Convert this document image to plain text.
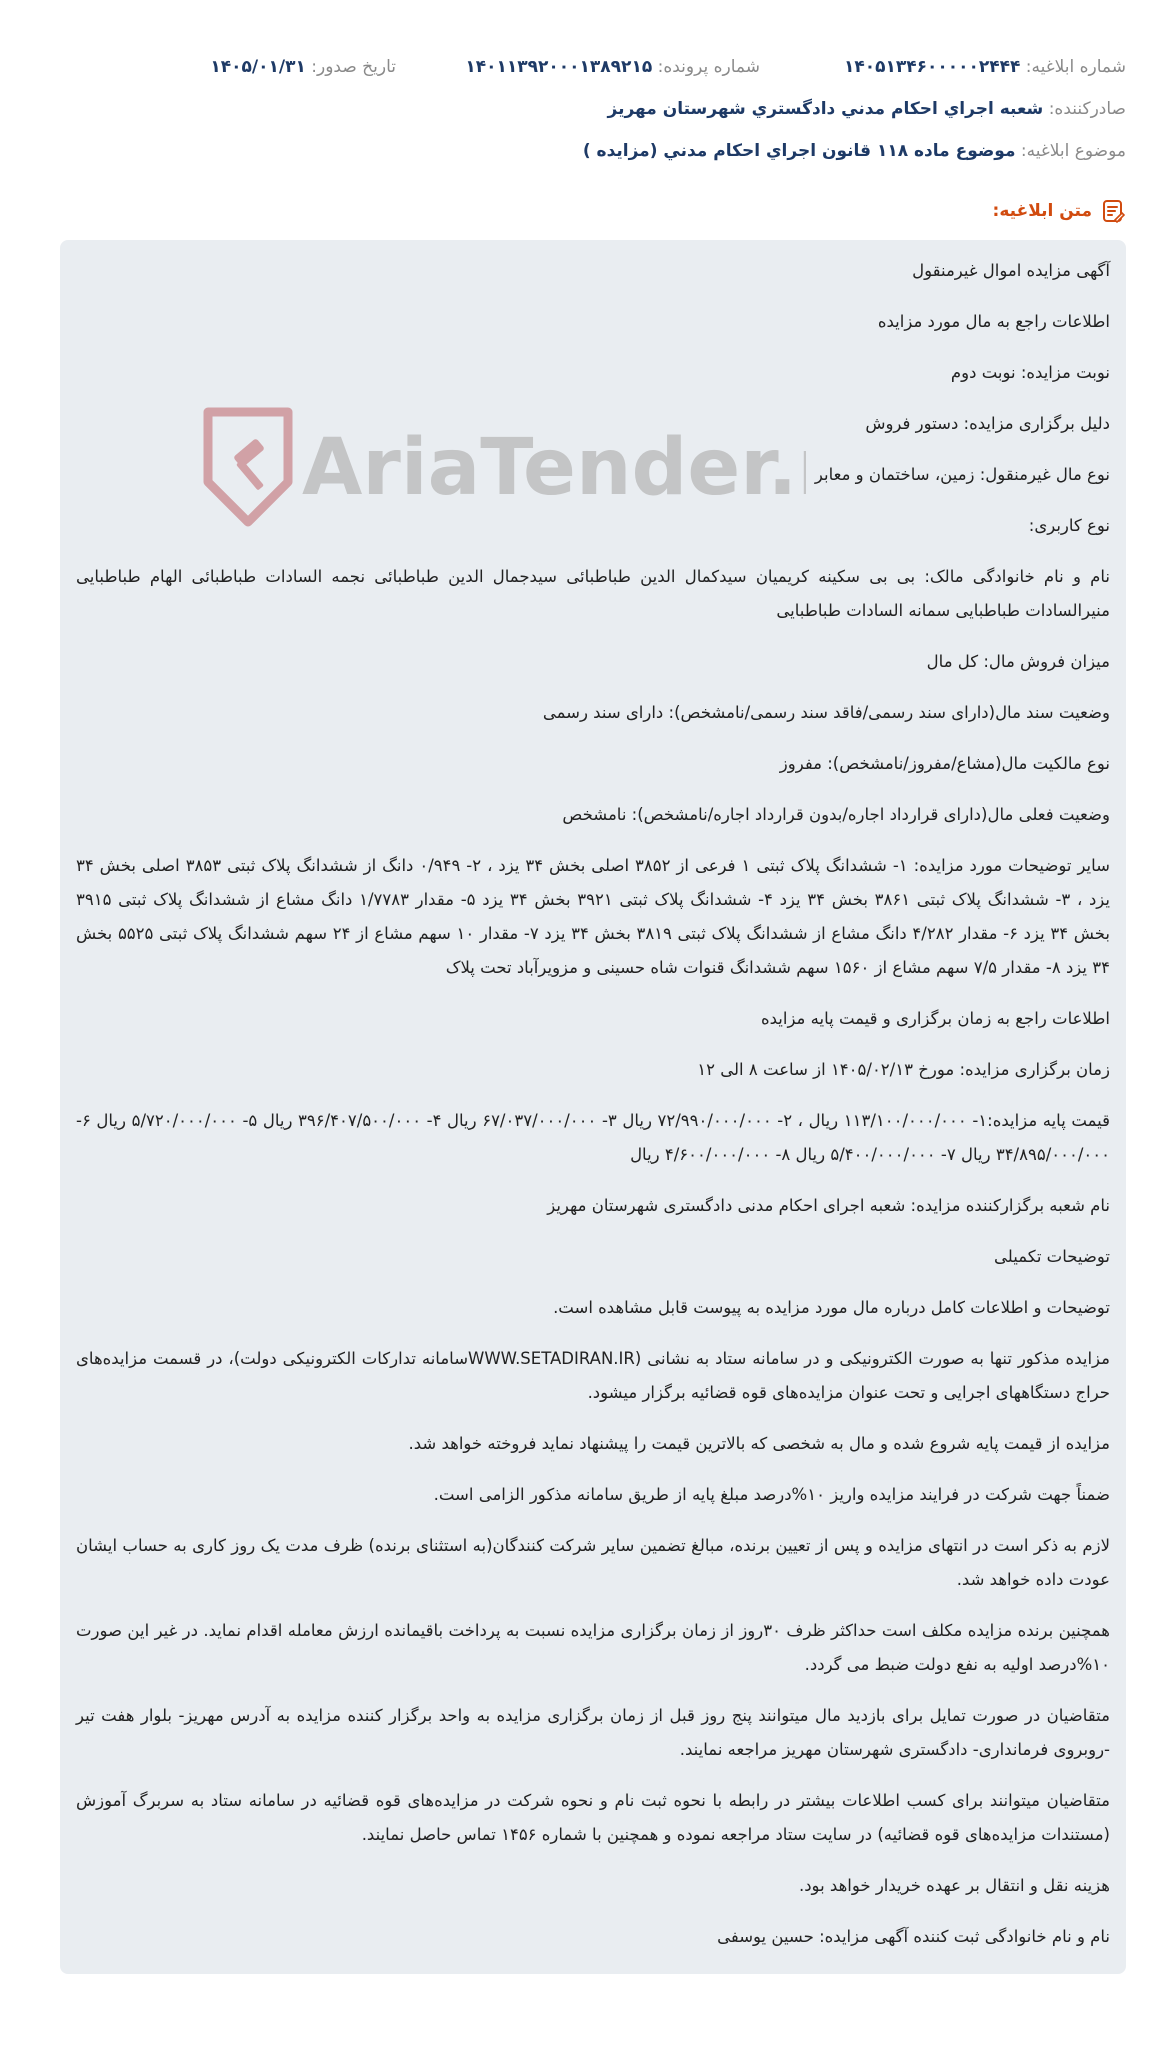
شماره ابلاغیه: ۱۴۰۵۱۳۴۶۰۰۰۰۰۲۴۴۴
شماره پرونده: ۱۴۰۱۱۳۹۲۰۰۰۱۳۸۹۲۱۵
تاریخ صدور: ۱۴۰۵/۰۱/۳۱
صادرکننده: شعبه اجراي احکام مدني دادگستري شهرستان مهريز
موضوع ابلاغیه: موضوع ماده ۱۱۸ قانون اجراي احکام مدني (مزايده )
متن ابلاغیه:

آگهی مزایده اموال غیرمنقول

اطلاعات راجع به مال مورد مزایده

نوبت مزایده: نوبت دوم

دلیل برگزاری مزایده: دستور فروش

نوع مال غیرمنقول: زمین، ساختمان و معابر

نوع کاربری:

نام و نام خانوادگی مالک: بی بی سکینه کریمیان سیدکمال الدین طباطبائی سیدجمال الدین طباطبائی نجمه السادات طباطبائی الهام طباطبایی منیرالسادات طباطبایی سمانه السادات طباطبایی

میزان فروش مال: کل مال

وضعیت سند مال(دارای سند رسمی/فاقد سند رسمی/نامشخص): دارای سند رسمی

نوع مالکیت مال(مشاع/مفروز/نامشخص): مفروز

وضعیت فعلی مال(دارای قرارداد اجاره/بدون قرارداد اجاره/نامشخص): نامشخص

سایر توضیحات مورد مزایده: ۱- ششدانگ پلاک ثبتی ۱ فرعی از ۳۸۵۲ اصلی بخش ۳۴ یزد ، ۲- ۰/۹۴۹ دانگ از ششدانگ پلاک ثبتی ۳۸۵۳ اصلی بخش ۳۴ یزد ، ۳- ششدانگ پلاک ثبتی ۳۸۶۱ بخش ۳۴ یزد ۴- ششدانگ پلاک ثبتی ۳۹۲۱ بخش ۳۴ یزد ۵- مقدار ۱/۷۷۸۳ دانگ مشاع از ششدانگ پلاک ثبتی ۳۹۱۵ بخش ۳۴ یزد ۶- مقدار ۴/۲۸۲ دانگ مشاع از ششدانگ پلاک ثبتی ۳۸۱۹ بخش ۳۴ یزد ۷- مقدار ۱۰ سهم مشاع از ۲۴ سهم ششدانگ پلاک ثبتی ۵۵۲۵ بخش ۳۴ یزد ۸- مقدار ۷/۵ سهم مشاع از ۱۵۶۰ سهم ششدانگ قنوات شاه حسینی و مزویرآباد تحت پلاک

اطلاعات راجع به زمان برگزاری و قیمت پایه مزایده

زمان برگزاری مزایده: مورخ ۱۴۰۵/۰۲/۱۳ از ساعت ۸ الی ۱۲

قیمت پایه مزایده:۱- ۱۱۳/۱۰۰/۰۰۰/۰۰۰ ریال ، ۲- ۷۲/۹۹۰/۰۰۰/۰۰۰ ریال ۳- ۶۷/۰۳۷/۰۰۰/۰۰۰ ریال ۴- ۳۹۶/۴۰۷/۵۰۰/۰۰۰ ریال ۵- ۵/۷۲۰/۰۰۰/۰۰۰ ریال ۶- ۳۴/۸۹۵/۰۰۰/۰۰۰ ریال ۷- ۵/۴۰۰/۰۰۰/۰۰۰ ریال ۸- ۴/۶۰۰/۰۰۰/۰۰۰ ریال

نام شعبه برگزارکننده مزایده: شعبه اجرای احکام مدنی دادگستری شهرستان مهریز

توضیحات تکمیلی

توضیحات و اطلاعات کامل درباره مال مورد مزایده به پیوست قابل مشاهده است.

مزایده مذکور تنها به صورت الکترونیکی و در سامانه ستاد به نشانی (WWW.SETADIRAN.IRسامانه تدارکات الکترونیکی دولت)، در قسمت مزایده‌های حراج دستگاههای اجرایی و تحت عنوان مزایده‌های قوه قضائیه برگزار میشود.

مزایده از قیمت پایه شروع شده و مال به شخصی که بالاترین قیمت را پیشنهاد نماید فروخته خواهد شد.

ضمناً جهت شرکت در فرایند مزایده واریز ۱۰%درصد مبلغ پایه از طریق سامانه مذکور الزامی است.

لازم به ذکر است در انتهای مزایده و پس از تعیین برنده، مبالغ تضمین سایر شرکت کنندگان(به استثنای برنده) ظرف مدت یک روز کاری به حساب ایشان عودت داده خواهد شد.

همچنین برنده مزایده مکلف است حداکثر ظرف ۳۰روز از زمان برگزاری مزایده نسبت به پرداخت باقیمانده ارزش معامله اقدام نماید. در غیر این صورت ۱۰%درصد اولیه به نفع دولت ضبط می گردد.

متقاضیان در صورت تمایل برای بازدید مال میتوانند پنج روز قبل از زمان برگزاری مزایده به واحد برگزار کننده مزایده به آدرس مهریز- بلوار هفت تیر -روبروی فرمانداری- دادگستری شهرستان مهریز مراجعه نمایند.

متقاضیان میتوانند برای کسب اطلاعات بیشتر در رابطه با نحوه ثبت نام و نحوه شرکت در مزایده‌های قوه قضائیه در سامانه ستاد به سربرگ آموزش (مستندات مزایده‌های قوه قضائیه) در سایت ستاد مراجعه نموده و همچنین با شماره ۱۴۵۶ تماس حاصل نمایند.

هزینه نقل و انتقال بر عهده خریدار خواهد بود.

نام و نام خانوادگی ثبت کننده آگهی مزایده: حسین یوسفی

AriaTender.
